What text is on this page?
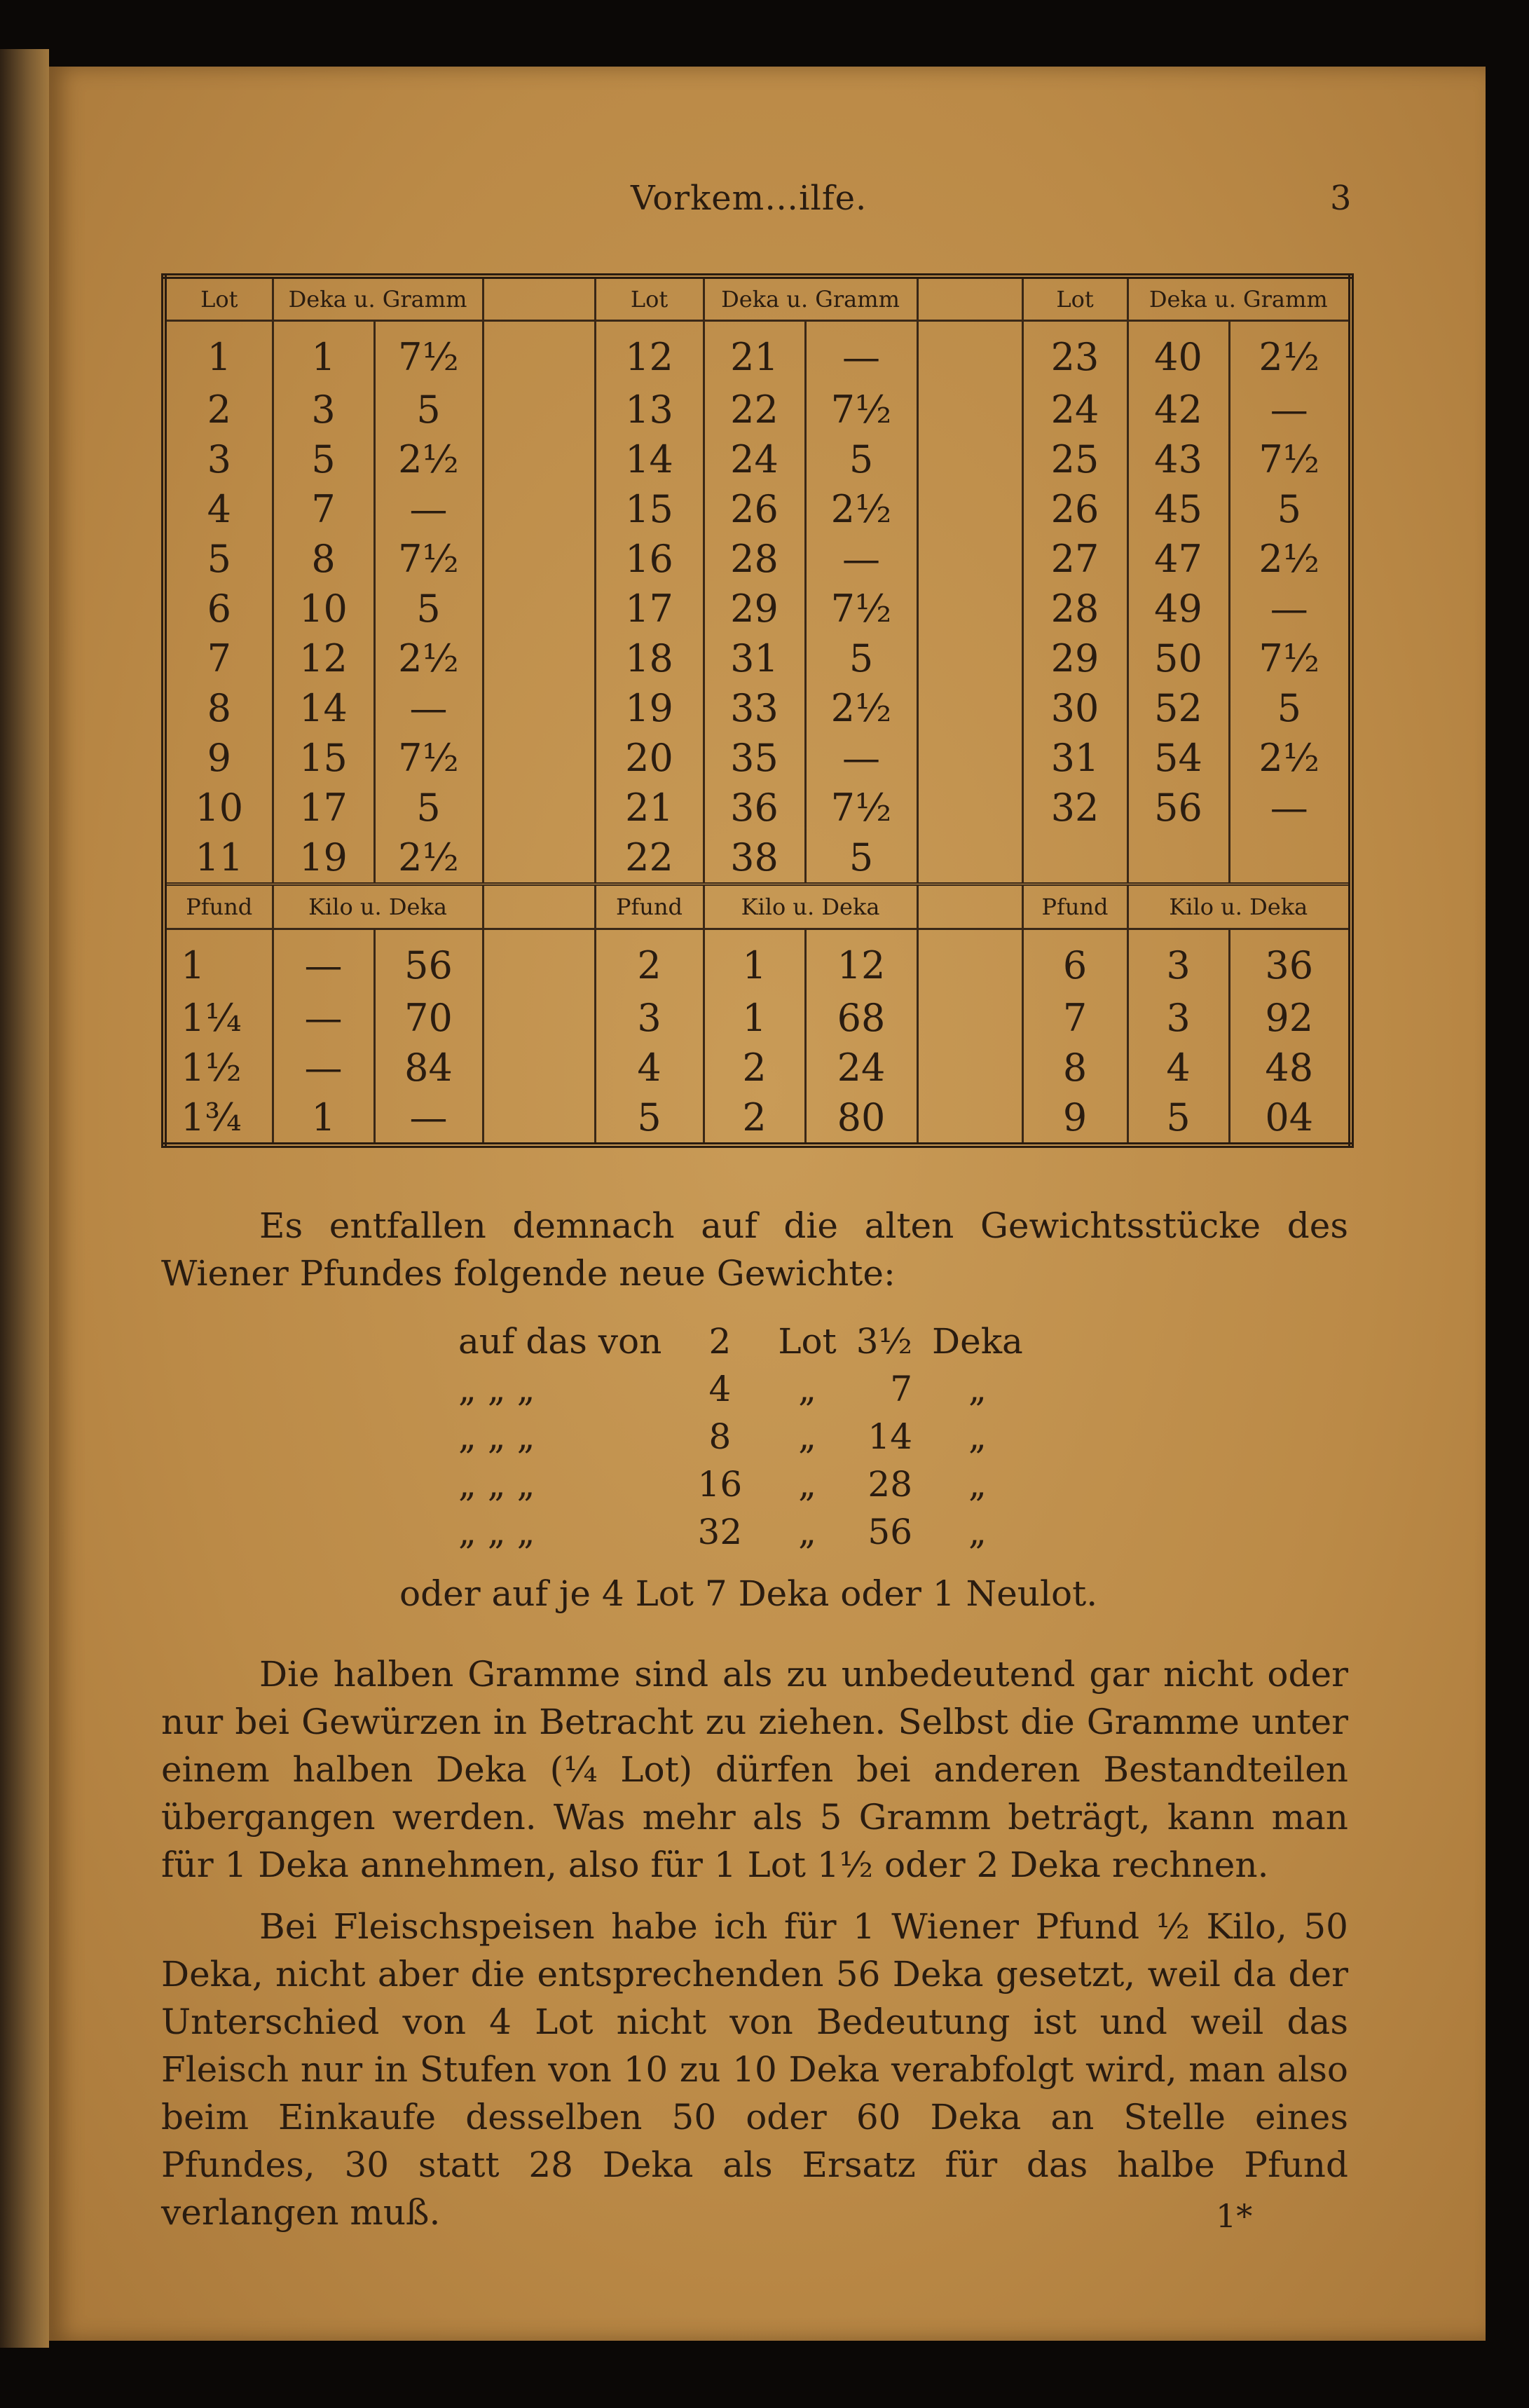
Vorkem⁠…ilfe.	3
Lot	Deka u. Gramm			Lot	Deka u. Gramm			Lot	Deka u. Gramm	
1	1	7½		12	21	—		23	40	2½
2	3	5		13	22	7½		24	42	—
3	5	2½		14	24	5		25	43	7½
4	7	—		15	26	2½		26	45	5
5	8	7½		16	28	—		27	47	2½
6	10	5		17	29	7½		28	49	—
7	12	2½		18	31	5		29	50	7½
8	14	—		19	33	2½		30	52	5
9	15	7½		20	35	—		31	54	2½
10	17	5		21	36	7½		32	56	—
11	19	2½		22	38	5				
Pfund	Kilo u. Deka			Pfund	Kilo u. Deka			Pfund	Kilo u. Deka	
1	—	56		2	1	12		6	3	36
1¼	—	70		3	1	68		7	3	92
1½	—	84		4	2	24		8	4	48
1¾	1	—		5	2	80		9	5	04
Es entfallen demnach auf die alten Gewichtsstücke des Wiener Pfundes folgende neue Gewichte:
auf das von	2	Lot	3½	Deka
„ „ „	4	„	7	„
„ „ „	8	„	14	„
„ „ „	16	„	28	„
„ „ „	32	„	56	„
oder auf je 4 Lot 7 Deka oder 1 Neulot.
Die halben Gramme sind als zu unbedeutend gar nicht oder nur bei Gewürzen in Betracht zu ziehen. Selbst die Gramme unter einem halben Deka (¼ Lot) dürfen bei anderen Bestandteilen übergangen werden. Was mehr als 5 Gramm beträgt, kann man für 1 Deka annehmen, also für 1 Lot 1½ oder 2 Deka rechnen.
Bei Fleischspeisen habe ich für 1 Wiener Pfund ½ Kilo, 50 Deka, nicht aber die entsprechenden 56 Deka gesetzt, weil da der Unterschied von 4 Lot nicht von Bedeutung ist und weil das Fleisch nur in Stufen von 10 zu 10 Deka verabfolgt wird, man also beim Einkaufe desselben 50 oder 60 Deka an Stelle eines Pfundes, 30 statt 28 Deka als Ersatz für das halbe Pfund verlangen muß.	1*
